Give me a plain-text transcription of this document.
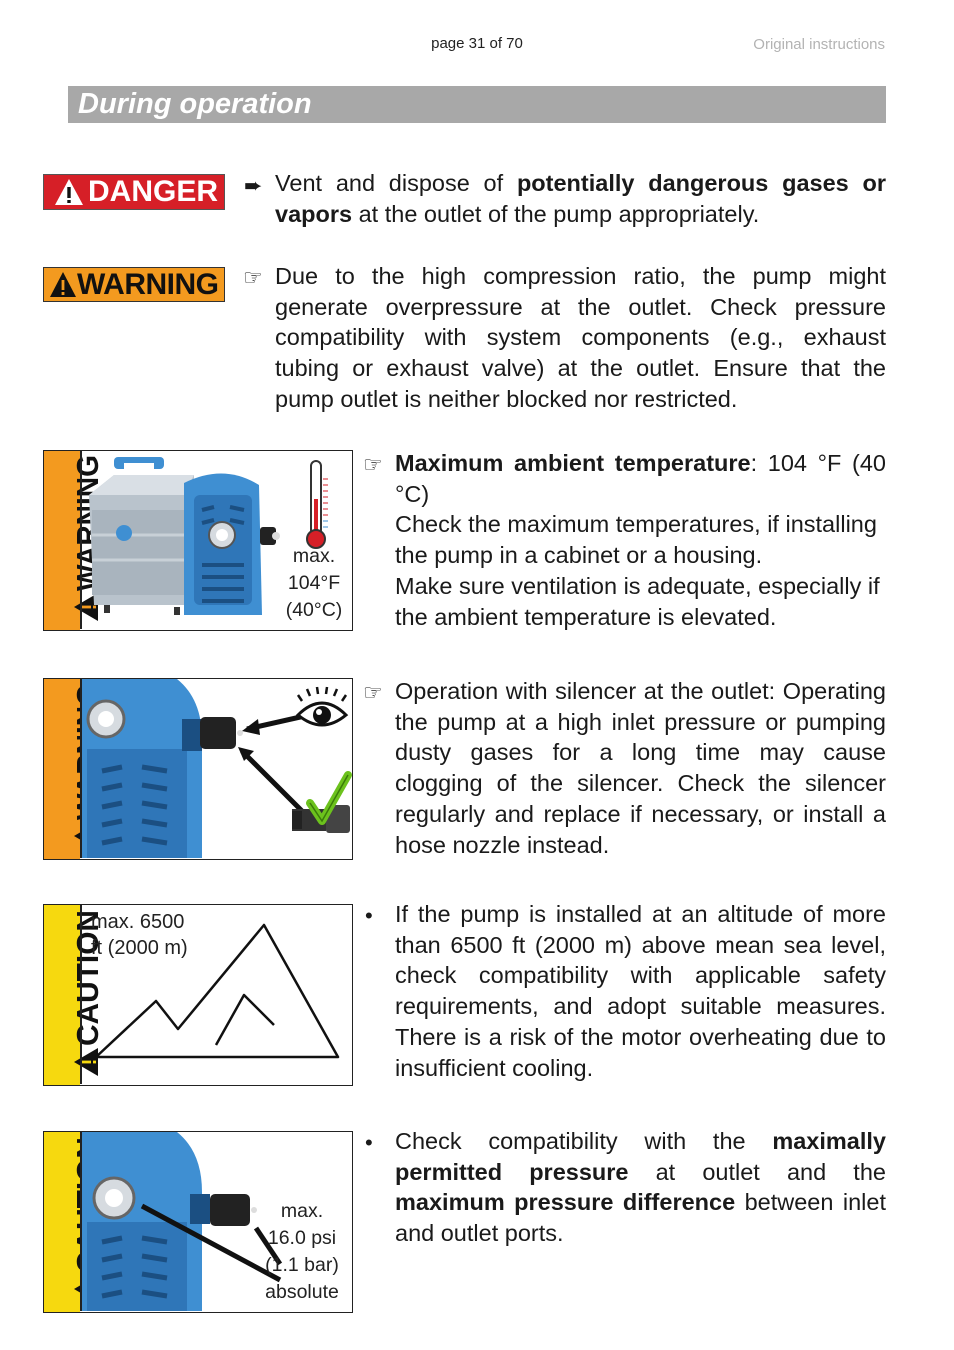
page 31 of 70	Original instructions
During operation
DANGER ➨ Vent and dispose of potentially dangerous gases or vapors at the outlet of the pump appropriately.
WARNING ☞ Due to the high compression ratio, the pump might generate overpressure at the outlet. Check pressure compatibility with system components (e.g., exhaust tubing or exhaust valve) at the outlet. Ensure that the pump outlet is neither blocked nor restricted.
WARNING	max.
104°F
(40°C)
☞ Maximum ambient temperature: 104 °F (40 °C)
Check the maximum temperatures, if installing the pump in a cabinet or a housing.
Make sure ventilation is adequate, especially if the ambient temperature is elevated.
☞ Operation with silencer at the outlet: Operating the pump at a high inlet pressure or pumping dusty gases for a long time may cause clogging of the silencer. Check the silencer regularly and replace if necessary, or install a hose nozzle instead.
CAUTION
max. 6500
ft (2000 m)
• If the pump is installed at an altitude of more than 6500 ft (2000 m) above mean sea level, check compatibility with applicable safety requirements, and adopt suitable measures. There is a risk of the motor overheating due to insufficient cooling.
max.
16.0 psi
(1.1 bar)
absolute
• Check compatibility with the maximally permitted pressure at outlet and the maximum pressure difference between inlet and outlet ports.
